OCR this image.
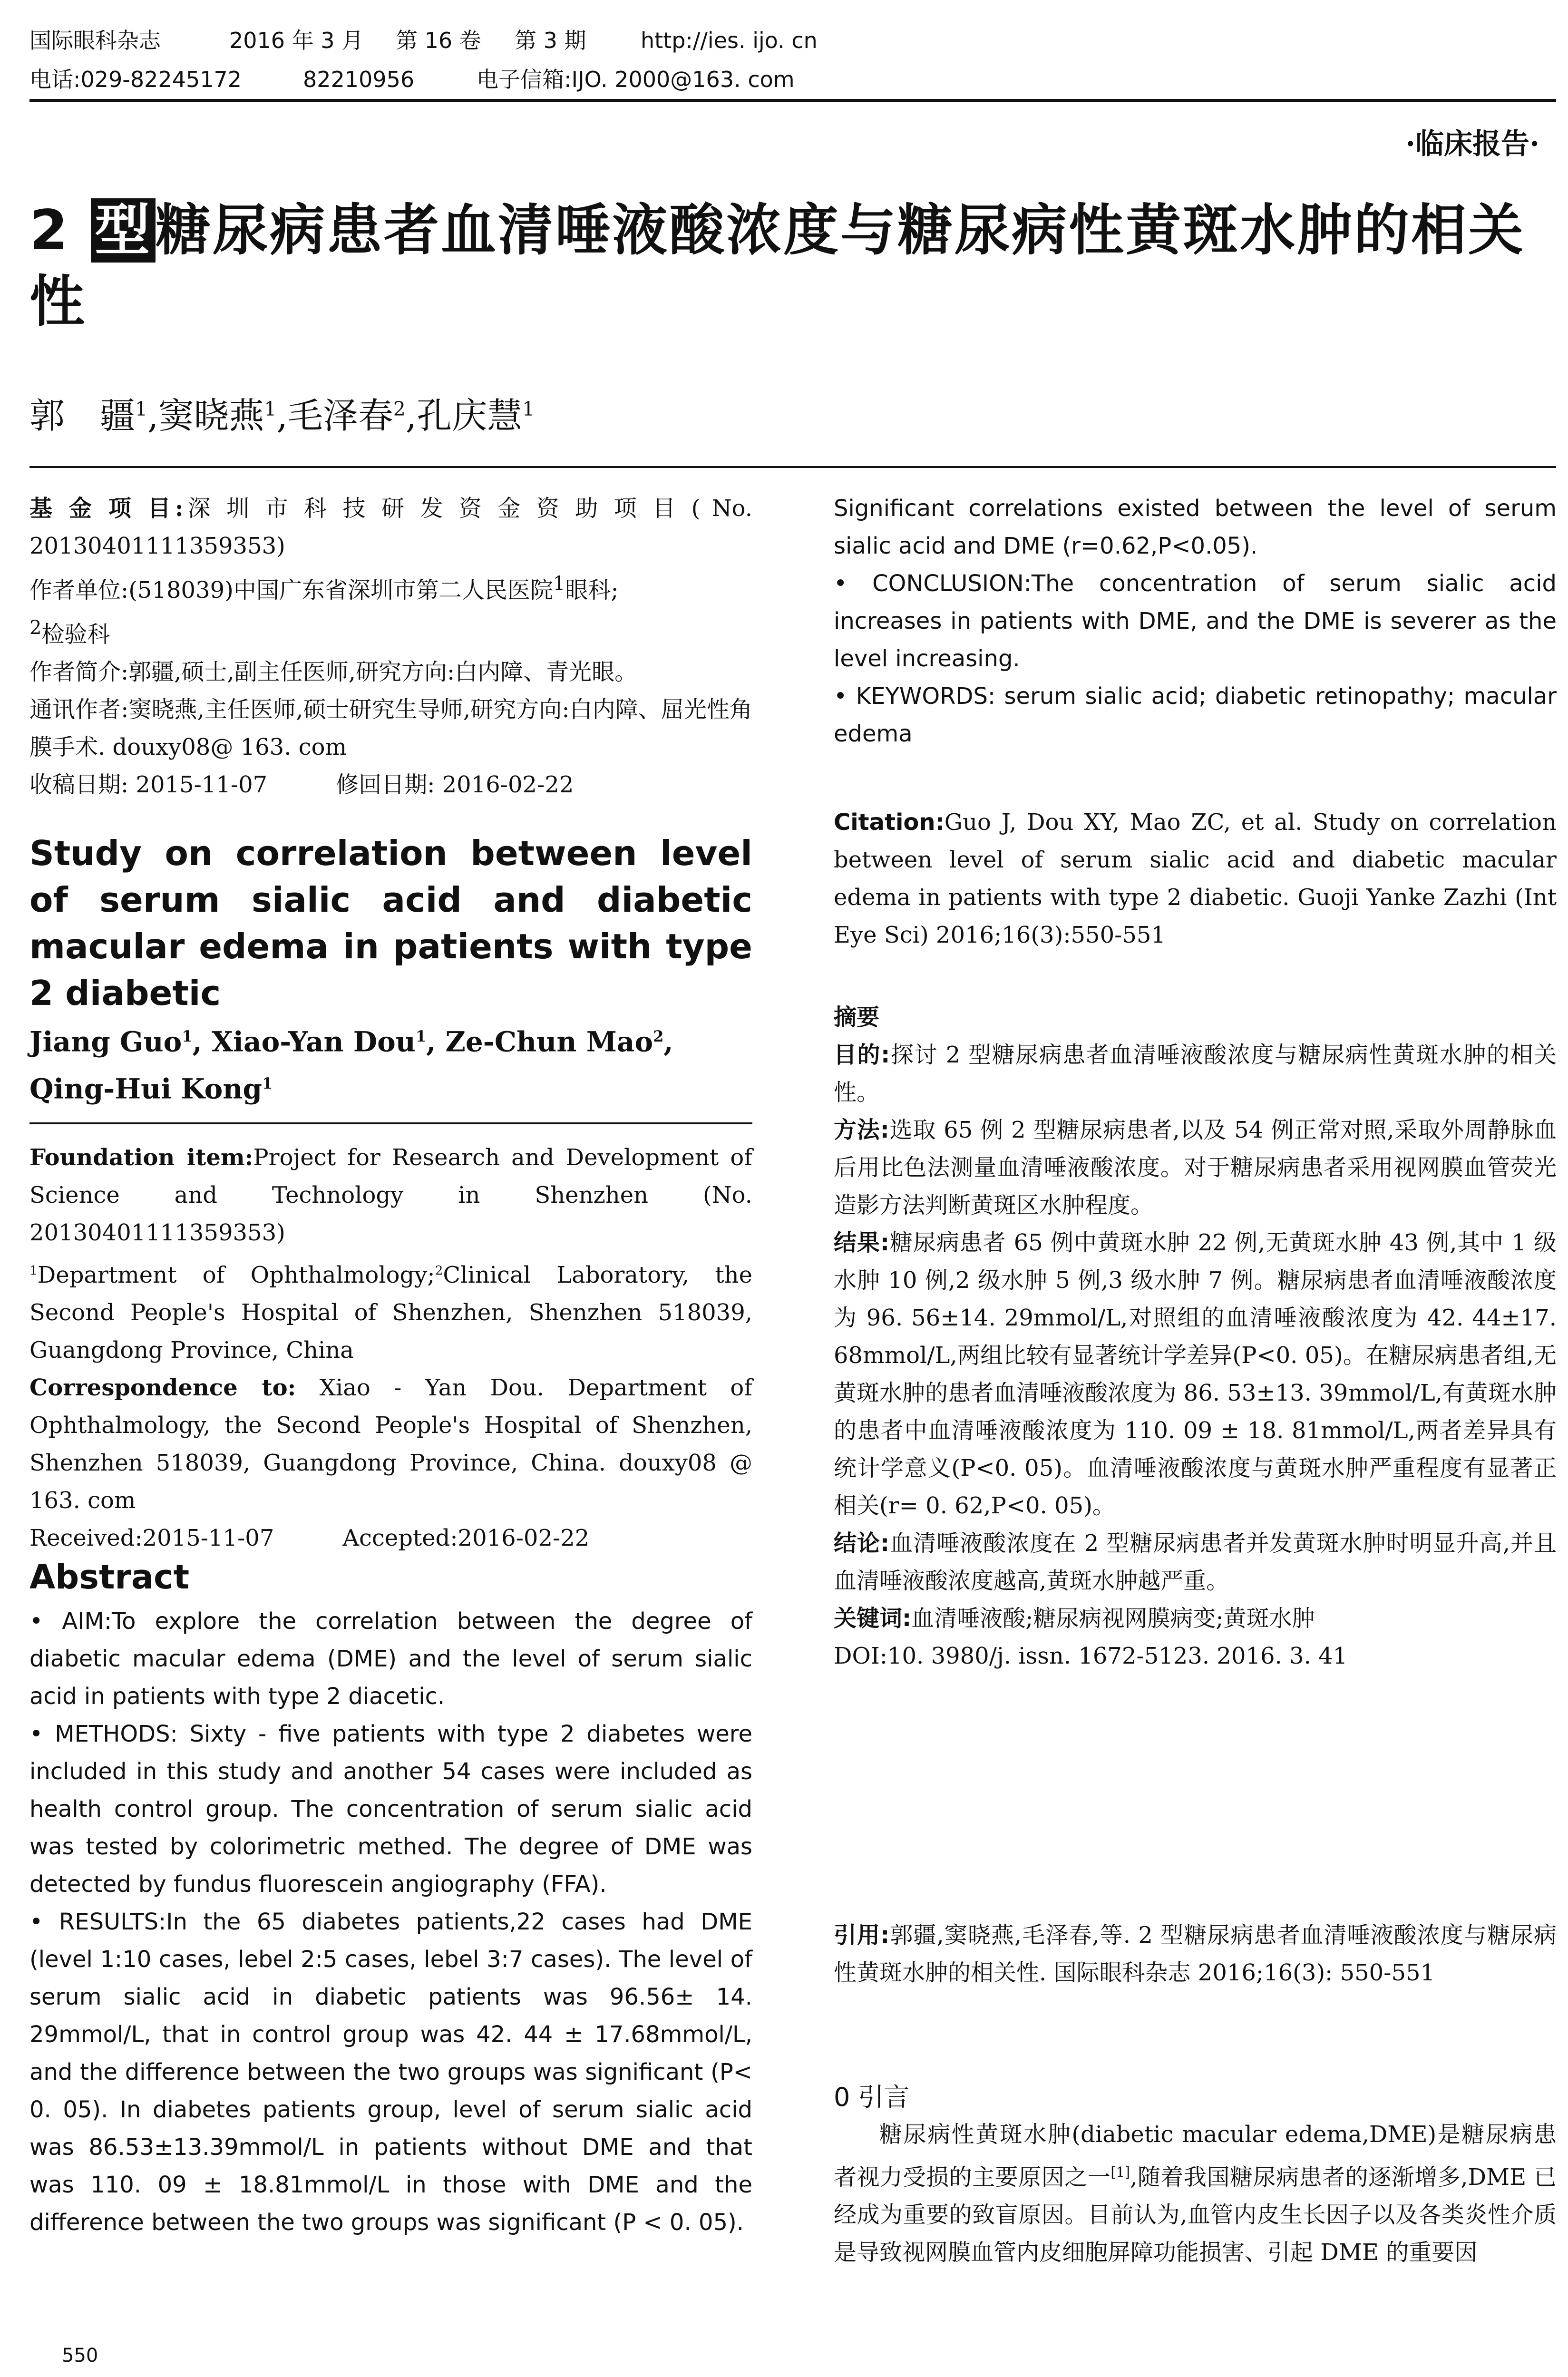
国际眼科杂志	2016 年 3 月 第 16 卷 第 3 期 http://ies. ijo. cn
电话:029-82245172	82210956	电子信箱:IJO. 2000@163. com
·临床报告·
2 型糖尿病患者血清唾液酸浓度与糖尿病性黄斑水肿的相关性
郭　疆$^1$,窦晓燕$^1$,毛泽春$^2$,孔庆慧$^1$

基 金 项 目:深 圳 市 科 技 研 发 资 金 资 助 项 目 ( No. 20130401111359353)

作者单位:(518039)中国广东省深圳市第二人民医院$^1$眼科;
$^2$检验科

作者简介:郭疆,硕士,副主任医师,研究方向:白内障、青光眼。

通讯作者:窦晓燕,主任医师,硕士研究生导师,研究方向:白内障、屈光性角膜手术. douxy08@ 163. com

收稿日期: 2015-11-07　　　	修回日期: 2016-02-22

Study on correlation between level of serum sialic acid and diabetic macular edema in patients with type 2 diabetic
Jiang Guo$^1$, Xiao-Yan Dou$^1$, Ze-Chun Mao$^2$, Qing-Hui Kong$^1$

Foundation item:Project for Research and Development of Science and Technology in Shenzhen (No. 20130401111359353)

$^1$Department of Ophthalmology;$^2$Clinical Laboratory, the Second People's Hospital of Shenzhen, Shenzhen 518039, Guangdong Province, China

Correspondence to: Xiao - Yan Dou. Department of Ophthalmology, the Second People's Hospital of Shenzhen, Shenzhen 518039, Guangdong Province, China. douxy08 @ 163. com

Received:2015-11-07　　　	Accepted:2016-02-22

Abstract

• AIM:To explore the correlation between the degree of diabetic macular edema (DME) and the level of serum sialic acid in patients with type 2 diacetic.

• METHODS: Sixty - five patients with type 2 diabetes were included in this study and another 54 cases were included as health control group. The concentration of serum sialic acid was tested by colorimetric methed. The degree of DME was detected by fundus fluorescein angiography (FFA).

• RESULTS:In the 65 diabetes patients,22 cases had DME (level 1:10 cases, lebel 2:5 cases, lebel 3:7 cases). The level of serum sialic acid in diabetic patients was 96.56± 14. 29mmol/L, that in control group was 42. 44 ± 17.68mmol/L, and the difference between the two groups was significant (P< 0. 05). In diabetes patients group, level of serum sialic acid was 86.53±13.39mmol/L in patients without DME and that was 110. 09 ± 18.81mmol/L in those with DME and the difference between the two groups was significant (P < 0. 05).

Significant correlations existed between the level of serum sialic acid and DME (r=0.62,P<0.05).

• CONCLUSION:The concentration of serum sialic acid increases in patients with DME, and the DME is severer as the level increasing.

• KEYWORDS: serum sialic acid; diabetic retinopathy; macular edema

Citation:Guo J, Dou XY, Mao ZC, et al. Study on correlation between level of serum sialic acid and diabetic macular edema in patients with type 2 diabetic. Guoji Yanke Zazhi (Int Eye Sci) 2016;16(3):550-551

摘要

目的:探讨 2 型糖尿病患者血清唾液酸浓度与糖尿病性黄斑水肿的相关性。

方法:选取 65 例 2 型糖尿病患者,以及 54 例正常对照,采取外周静脉血后用比色法测量血清唾液酸浓度。对于糖尿病患者采用视网膜血管荧光造影方法判断黄斑区水肿程度。

结果:糖尿病患者 65 例中黄斑水肿 22 例,无黄斑水肿 43 例,其中 1 级水肿 10 例,2 级水肿 5 例,3 级水肿 7 例。糖尿病患者血清唾液酸浓度为 96. 56±14. 29mmol/L,对照组的血清唾液酸浓度为 42. 44±17. 68mmol/L,两组比较有显著统计学差异(P<0. 05)。在糖尿病患者组,无黄斑水肿的患者血清唾液酸浓度为 86. 53±13. 39mmol/L,有黄斑水肿的患者中血清唾液酸浓度为 110. 09 ± 18. 81mmol/L,两者差异具有统计学意义(P<0. 05)。血清唾液酸浓度与黄斑水肿严重程度有显著正相关(r= 0. 62,P<0. 05)。

结论:血清唾液酸浓度在 2 型糖尿病患者并发黄斑水肿时明显升高,并且血清唾液酸浓度越高,黄斑水肿越严重。

关键词:血清唾液酸;糖尿病视网膜病变;黄斑水肿

DOI:10. 3980/j. issn. 1672-5123. 2016. 3. 41

引用:郭疆,窦晓燕,毛泽春,等. 2 型糖尿病患者血清唾液酸浓度与糖尿病性黄斑水肿的相关性. 国际眼科杂志 2016;16(3): 550-551

0 引言

糖尿病性黄斑水肿(diabetic macular edema,DME)是糖尿病患者视力受损的主要原因之一[1],随着我国糖尿病患者的逐渐增多,DME 已经成为重要的致盲原因。目前认为,血管内皮生长因子以及各类炎性介质是导致视网膜血管内皮细胞屏障功能损害、引起 DME 的重要因

550
